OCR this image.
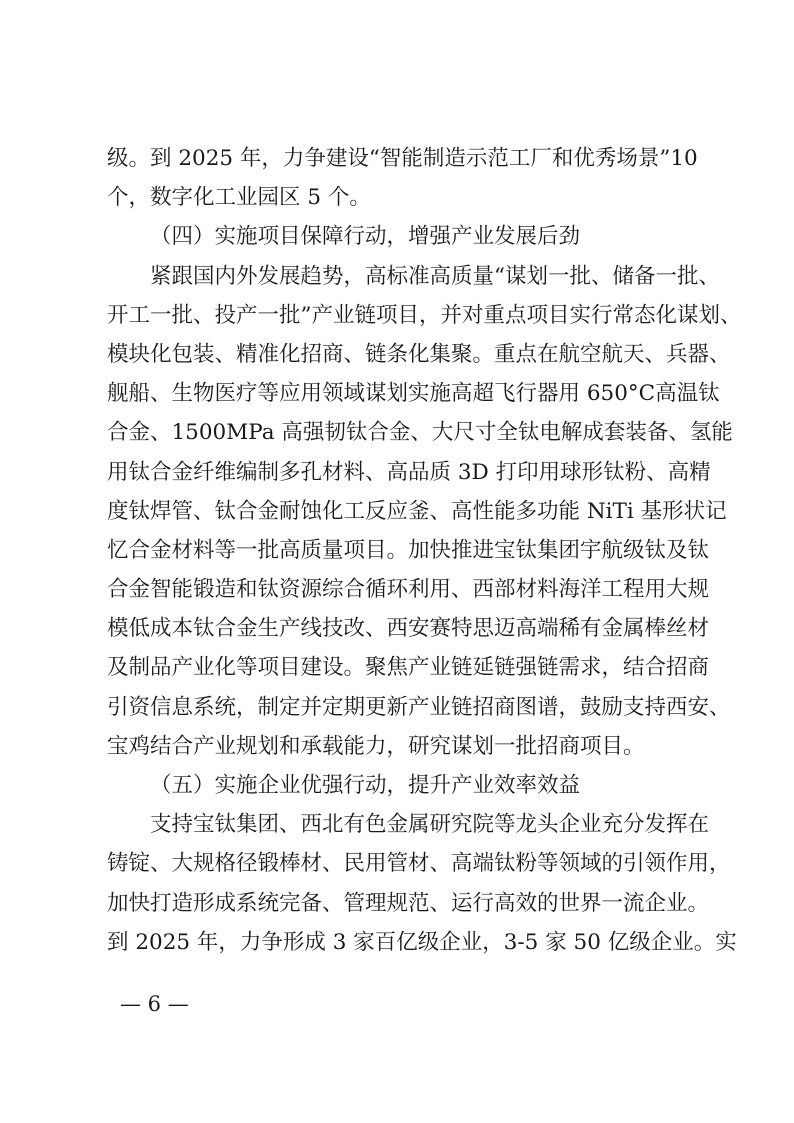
级。到 2025 年，力争建设“智能制造示范工厂和优秀场景”10
个，数字化工业园区 5 个。
（四）实施项目保障行动，增强产业发展后劲
紧跟国内外发展趋势，高标准高质量“谋划一批、储备一批、
开工一批、投产一批”产业链项目，并对重点项目实行常态化谋划、
模块化包装、精准化招商、链条化集聚。重点在航空航天、兵器、
舰船、生物医疗等应用领域谋划实施高超飞行器用 650°C高温钛
合金、1500MPa 高强韧钛合金、大尺寸全钛电解成套装备、氢能
用钛合金纤维编制多孔材料、高品质 3D 打印用球形钛粉、高精
度钛焊管、钛合金耐蚀化工反应釜、高性能多功能 NiTi 基形状记
忆合金材料等一批高质量项目。加快推进宝钛集团宇航级钛及钛
合金智能锻造和钛资源综合循环利用、西部材料海洋工程用大规
模低成本钛合金生产线技改、西安赛特思迈高端稀有金属棒丝材
及制品产业化等项目建设。聚焦产业链延链强链需求，结合招商
引资信息系统，制定并定期更新产业链招商图谱，鼓励支持西安、
宝鸡结合产业规划和承载能力，研究谋划一批招商项目。
（五）实施企业优强行动，提升产业效率效益
支持宝钛集团、西北有色金属研究院等龙头企业充分发挥在
铸锭、大规格径锻棒材、民用管材、高端钛粉等领域的引领作用，
加快打造形成系统完备、管理规范、运行高效的世界一流企业。
到 2025 年，力争形成 3 家百亿级企业，3-5 家 50 亿级企业。实
— 6 —
